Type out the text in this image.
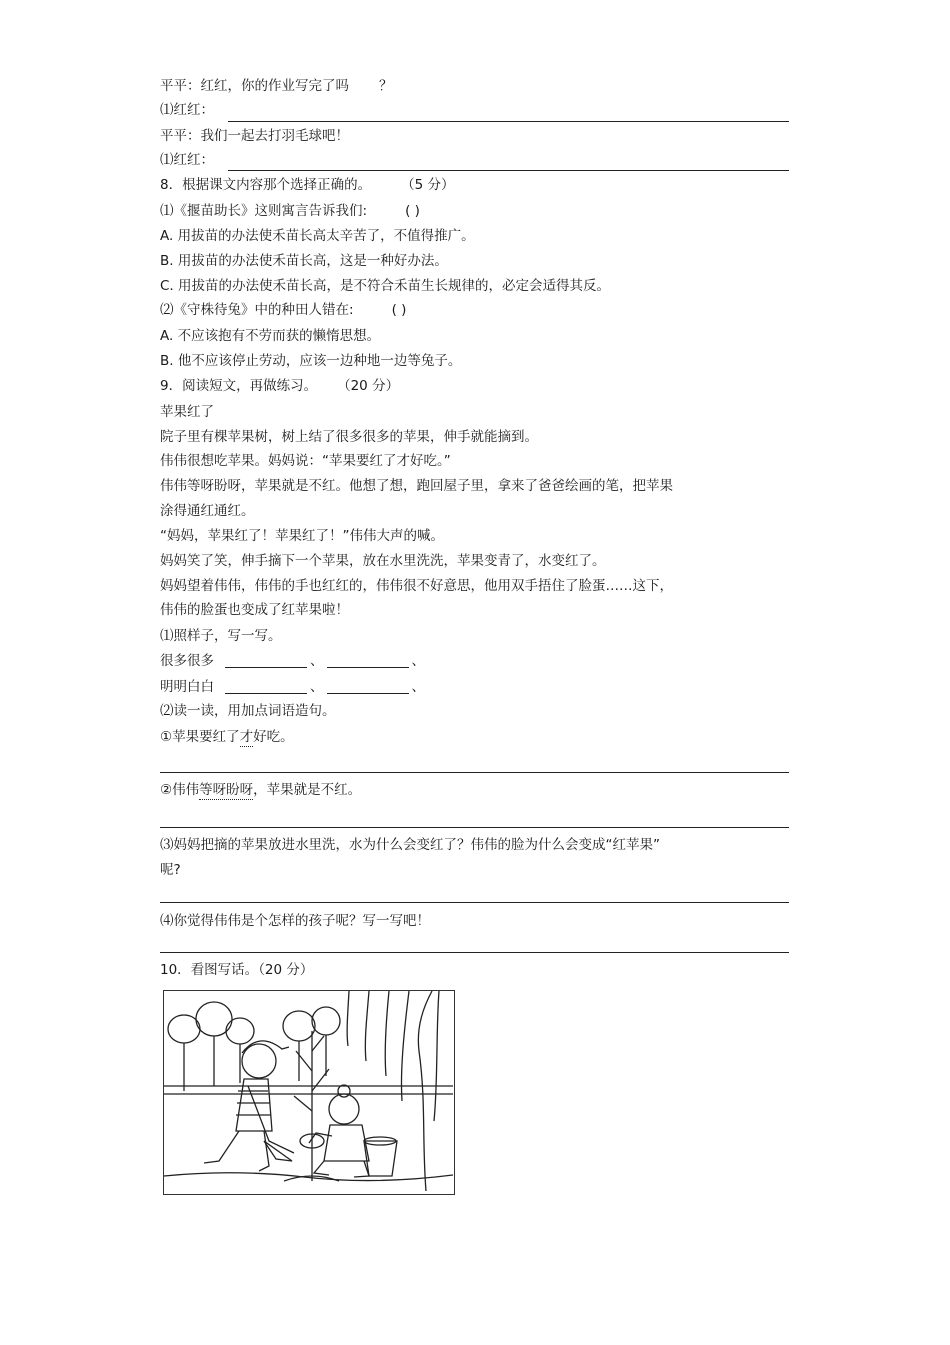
平平：红红，你的作业写完了吗 ？
⑴红红：
平平：我们一起去打羽毛球吧！
⑴红红：
8．根据课文内容那个选择正确的。 （5 分）
⑴《揠苗助长》这则寓言告诉我们:	( )
A. 用拔苗的办法使禾苗长高太辛苦了，不值得推广。
B. 用拔苗的办法使禾苗长高，这是一种好办法。
C. 用拔苗的办法使禾苗长高，是不符合禾苗生长规律的，必定会适得其反。
⑵《守株待兔》中的种田人错在:	( )
A. 不应该抱有不劳而获的懒惰思想。
B. 他不应该停止劳动，应该一边种地一边等兔子。
9．阅读短文，再做练习。 （20 分）
苹果红了
院子里有棵苹果树，树上结了很多很多的苹果，伸手就能摘到。
伟伟很想吃苹果。妈妈说：“苹果要红了才好吃。”
伟伟等呀盼呀，苹果就是不红。他想了想，跑回屋子里，拿来了爸爸绘画的笔，把苹果
涂得通红通红。
“妈妈，苹果红了！苹果红了！”伟伟大声的喊。
妈妈笑了笑，伸手摘下一个苹果，放在水里洗洗，苹果变青了，水变红了。
妈妈望着伟伟，伟伟的手也红红的，伟伟很不好意思，他用双手捂住了脸蛋……这下，
伟伟的脸蛋也变成了红苹果啦！
⑴照样子，写一写。
很多很多	、	、
明明白白	、	、
⑵读一读，用加点词语造句。
①苹果要红了才好吃。
②伟伟等呀盼呀，苹果就是不红。
⑶妈妈把摘的苹果放进水里洗，水为什么会变红了？伟伟的脸为什么会变成“红苹果”
呢?
⑷你觉得伟伟是个怎样的孩子呢？写一写吧！
10．看图写话。（20 分）
